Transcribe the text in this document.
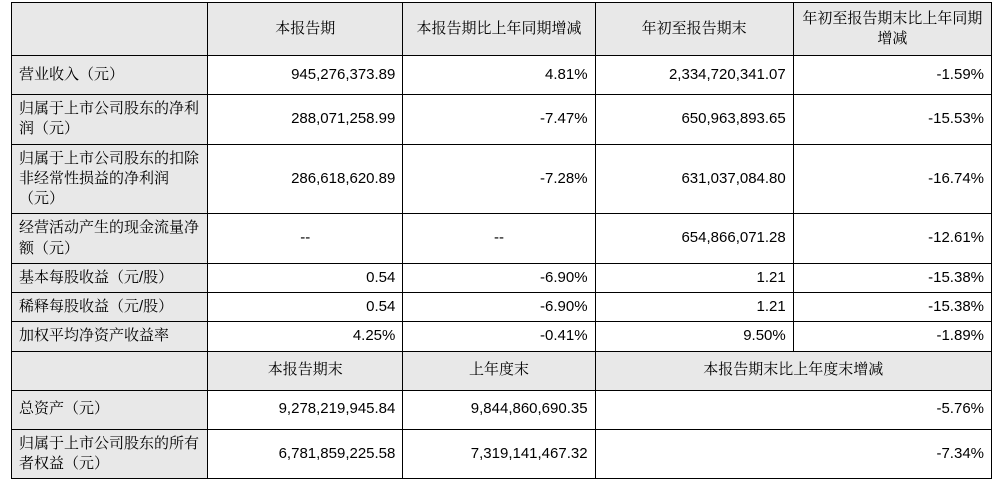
	本报告期	本报告期比上年同期增减	年初至报告期末	年初至报告期末比上年同期增减
营业收入（元）	945,276,373.89	4.81%	2,334,720,341.07	-1.59%
归属于上市公司股东的净利润（元）	288,071,258.99	-7.47%	650,963,893.65	-15.53%
归属于上市公司股东的扣除非经常性损益的净利润（元）	286,618,620.89	-7.28%	631,037,084.80	-16.74%
经营活动产生的现金流量净额（元）	--	--	654,866,071.28	-12.61%
基本每股收益（元/股）	0.54	-6.90%	1.21	-15.38%
稀释每股收益（元/股）	0.54	-6.90%	1.21	-15.38%
加权平均净资产收益率	4.25%	-0.41%	9.50%	-1.89%
	本报告期末	上年度末	本报告期末比上年度末增减	
总资产（元）	9,278,219,945.84	9,844,860,690.35	-5.76%	
归属于上市公司股东的所有者权益（元）	6,781,859,225.58	7,319,141,467.32	-7.34%	
